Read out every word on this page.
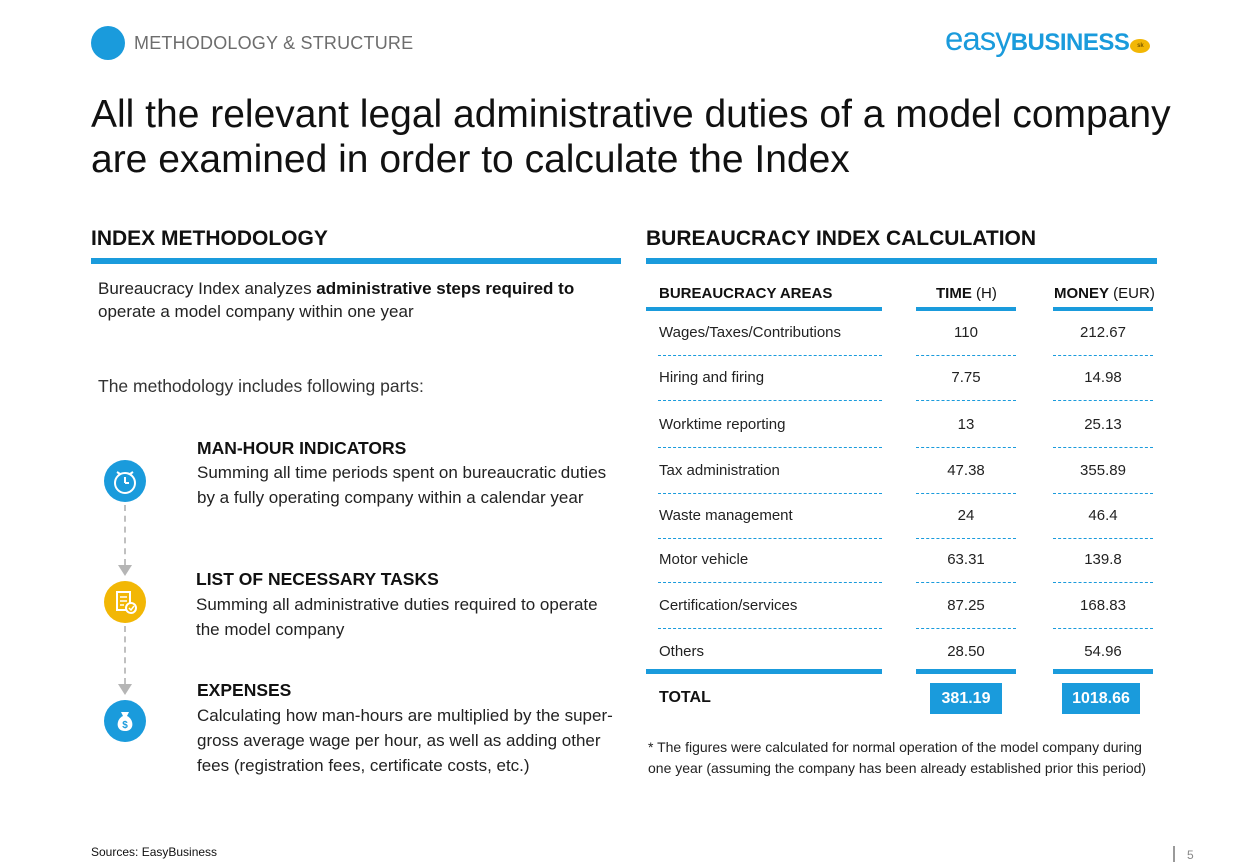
METHODOLOGY & STRUCTURE	easyBUSINESS sk
All the relevant legal administrative duties of a model company are examined in order to calculate the Index
INDEX METHODOLOGY
Bureaucracy Index analyzes administrative steps required to
operate a model company within one year
The methodology includes following parts:
$
MAN-HOUR INDICATORS
Summing all time periods spent on bureaucratic duties by a fully operating company within a calendar year
LIST OF NECESSARY TASKS
Summing all administrative duties required to operate the model company
EXPENSES
Calculating how man-hours are multiplied by the super-gross average wage per hour, as well as adding other fees (registration fees, certificate costs, etc.)
BUREAUCRACY INDEX CALCULATION
BUREAUCRACY AREAS	TIME (H)	MONEY (EUR)
Wages/Taxes/Contributions	110	212.67
Hiring and firing	7.75	14.98
Worktime reporting	13	25.13
Tax administration	47.38	355.89
Waste management	24	46.4
Motor vehicle	63.31	139.8
Certification/services	87.25	168.83
Others	28.50	54.96
TOTAL	381.19	1018.66
* The figures were calculated for normal operation of the model company during one year (assuming the company has been already established prior this period)
Sources: EasyBusiness	5
